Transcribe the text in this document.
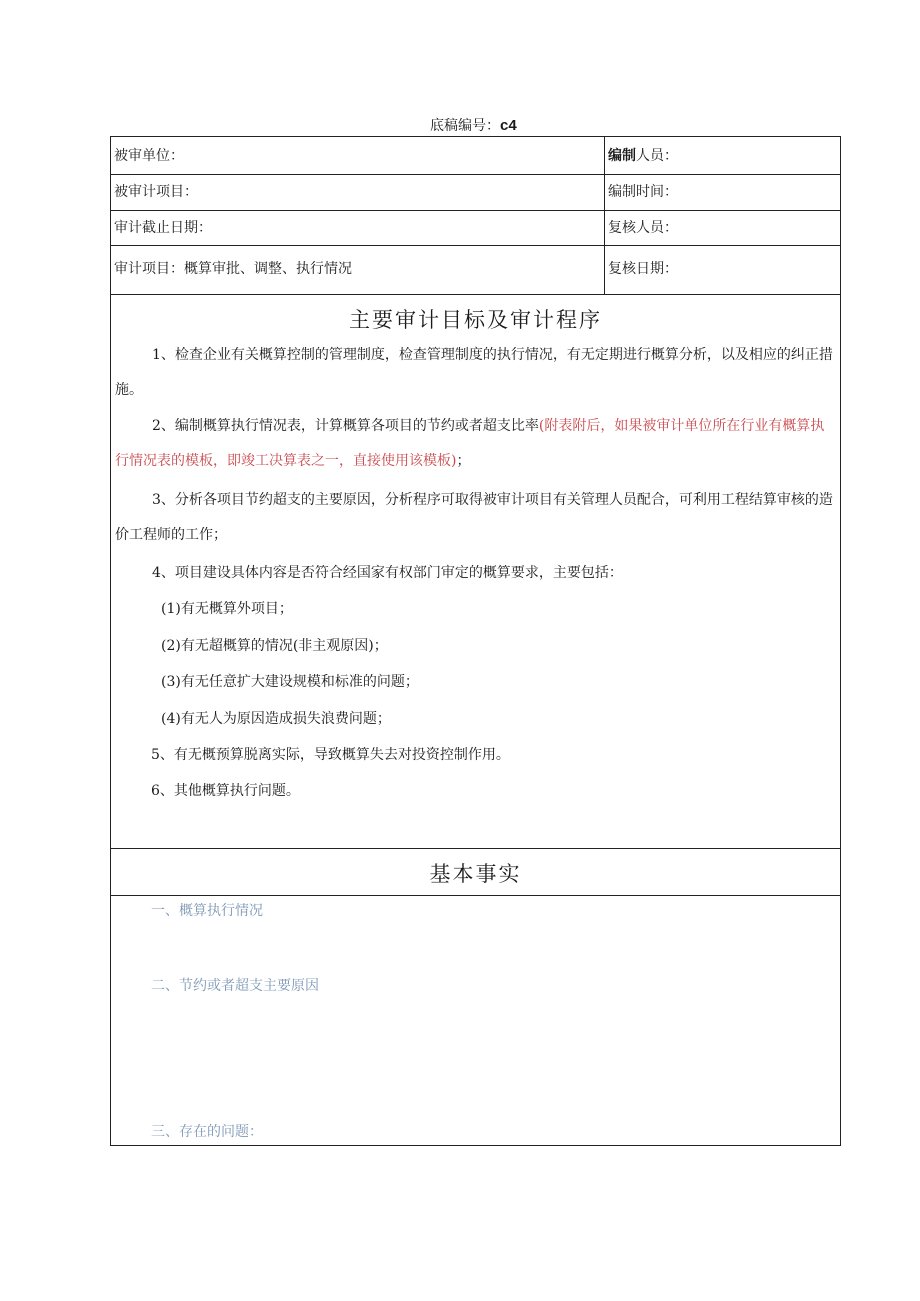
底稿编号：c4
被审单位：	编制人员：
被审计项目：	编制时间：
审计截止日期：	复核人员：
审计项目：概算审批、调整、执行情况	复核日期：
主要审计目标及审计程序
1、检查企业有关概算控制的管理制度，检查管理制度的执行情况，有无定期进行概算分析，以及相应的纠正措施。
2、编制概算执行情况表，计算概算各项目的节约或者超支比率(附表附后，如果被审计单位所在行业有概算执行情况表的模板，即竣工决算表之一，直接使用该模板)；
3、分析各项目节约超支的主要原因，分析程序可取得被审计项目有关管理人员配合，可利用工程结算审核的造价工程师的工作；
4、项目建设具体内容是否符合经国家有权部门审定的概算要求，主要包括：
(1)有无概算外项目；
(2)有无超概算的情况(非主观原因)；
(3)有无任意扩大建设规模和标准的问题；
(4)有无人为原因造成损失浪费问题；
5、有无概预算脱离实际，导致概算失去对投资控制作用。
6、其他概算执行问题。
基本事实
一、概算执行情况
二、节约或者超支主要原因
三、存在的问题：
